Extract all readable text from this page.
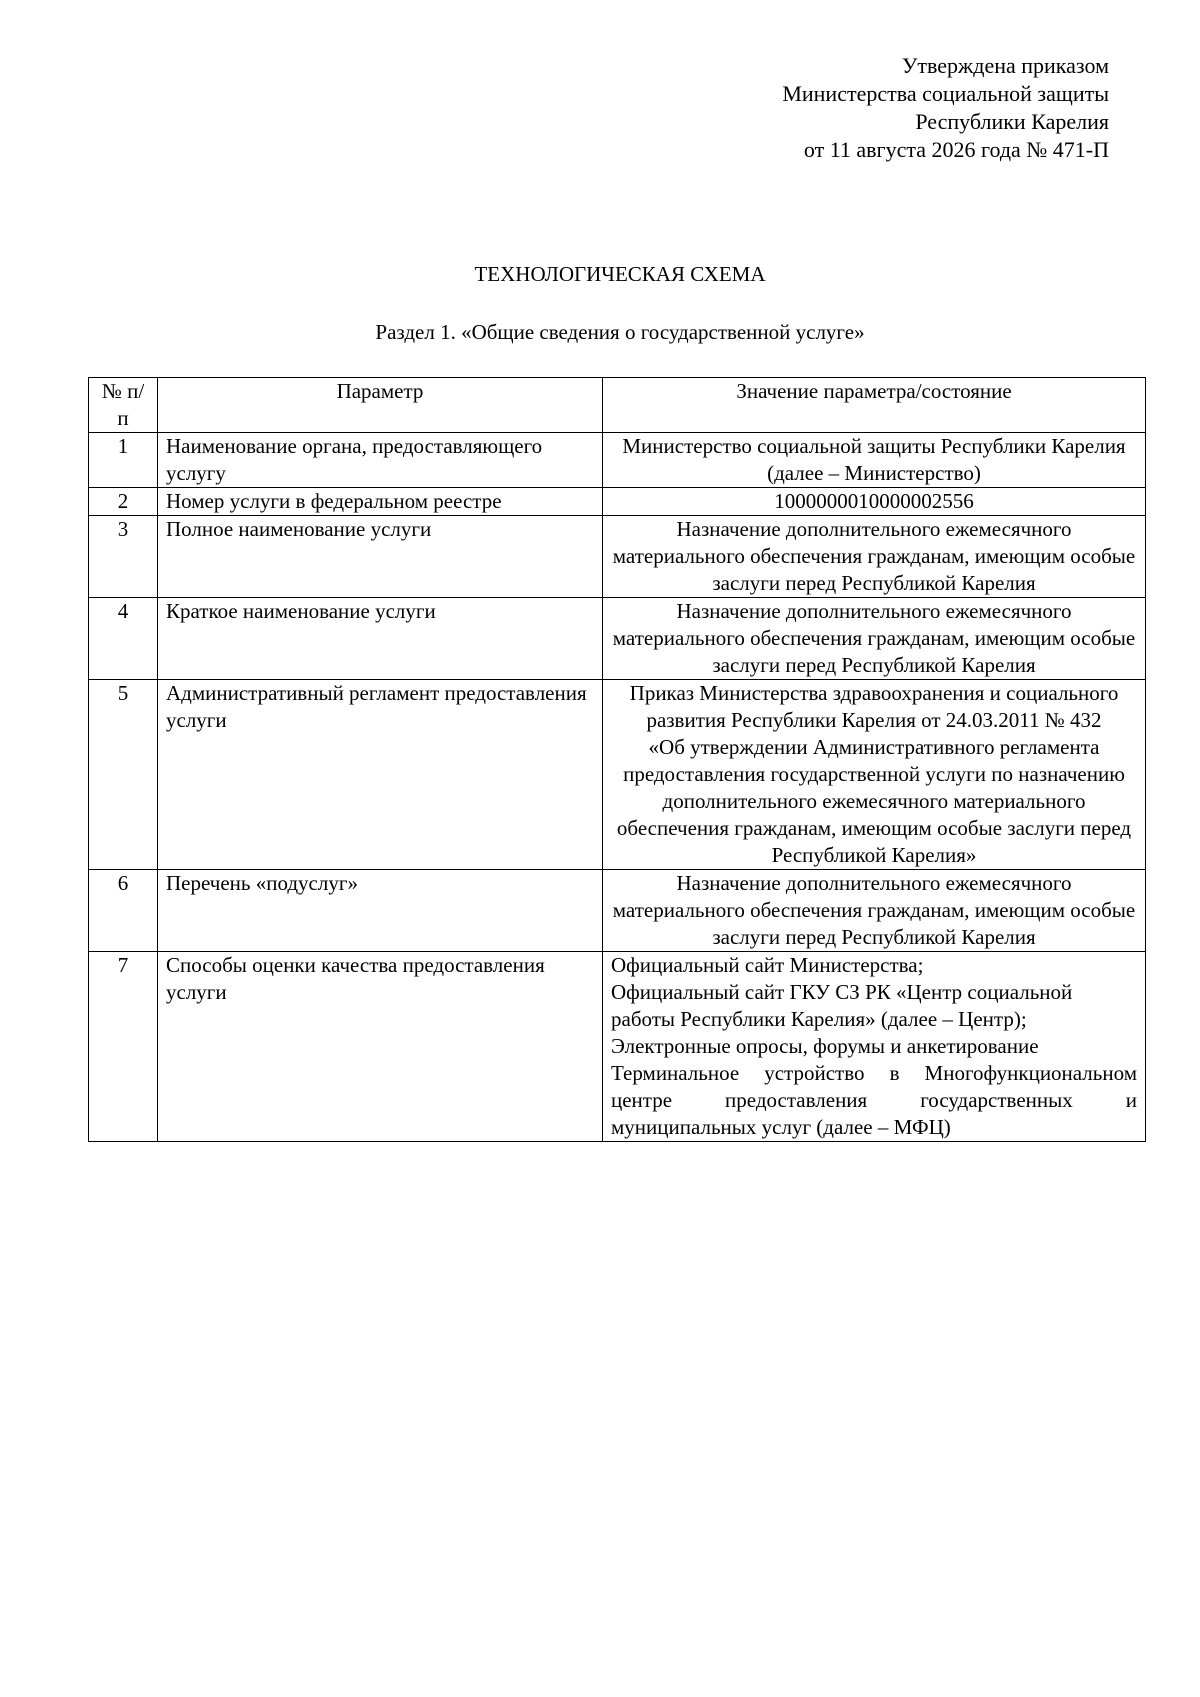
Утверждена приказом
Министерства социальной защиты
Республики Карелия
от 11 августа 2026 года № 471-П
ТЕХНОЛОГИЧЕСКАЯ СХЕМА
Раздел 1. «Общие сведения о государственной услуге»
№ п/п	Параметр	Значение параметра/состояние
1	Наименование органа, предоставляющего услугу	Министерство социальной защиты Республики Карелия (далее – Министерство)
2	Номер услуги в федеральном реестре	1000000010000002556
3	Полное наименование услуги	Назначение дополнительного ежемесячного материального обеспечения гражданам, имеющим особые заслуги перед Республикой Карелия
4	Краткое наименование услуги	Назначение дополнительного ежемесячного материального обеспечения гражданам, имеющим особые заслуги перед Республикой Карелия
5	Административный регламент предоставления услуги	Приказ Министерства здравоохранения и социального развития Республики Карелия от 24.03.2011 № 432
«Об утверждении Административного регламента предоставления государственной услуги по назначению дополнительного ежемесячного материального обеспечения гражданам, имеющим особые заслуги перед Республикой Карелия»

6	Перечень «подуслуг»	Назначение дополнительного ежемесячного материального обеспечения гражданам, имеющим особые заслуги перед Республикой Карелия
7	Способы оценки качества предоставления услуги	Официальный сайт Министерства;
Официальный сайт ГКУ СЗ РК «Центр социальной работы Республики Карелия» (далее – Центр);
Электронные опросы, форумы и анкетирование
Терминальное устройство в Многофункциональном центре предоставления государственных и муниципальных услуг (далее – МФЦ)
